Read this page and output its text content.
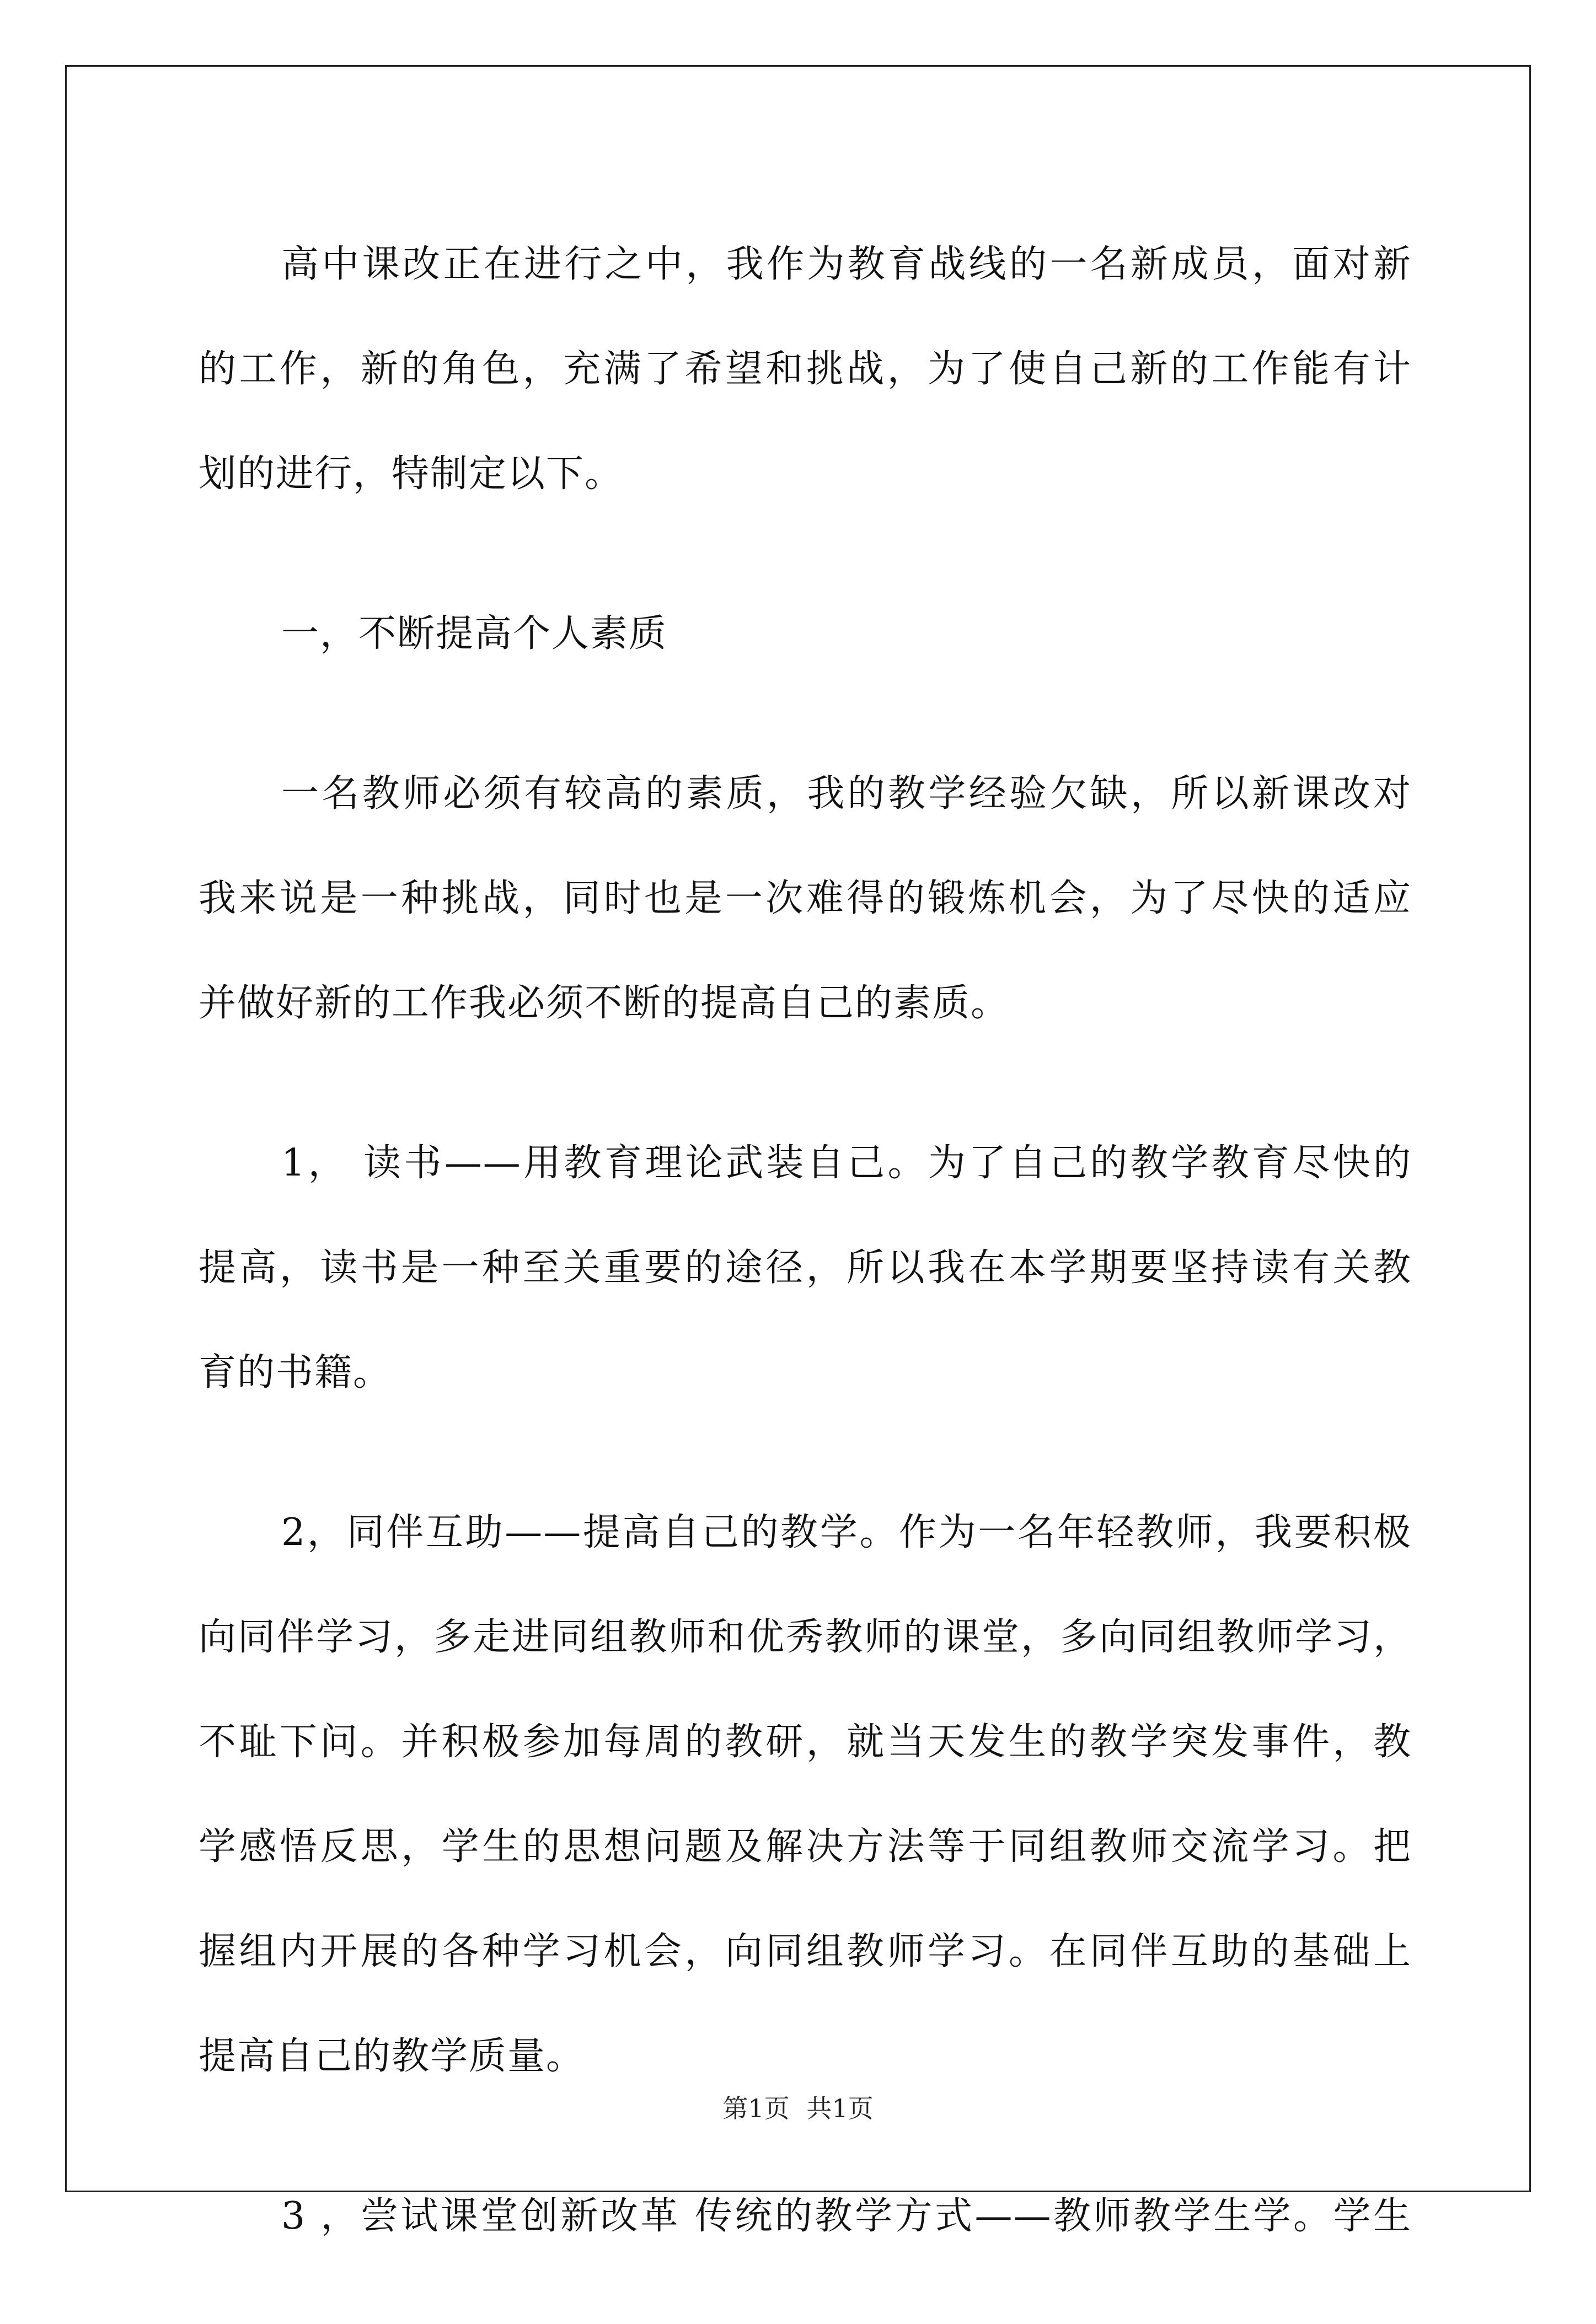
高中课改正在进行之中，我作为教育战线的一名新成员，面对新
的工作，新的角色，充满了希望和挑战，为了使自己新的工作能有计
划的进行，特制定以下。

一，不断提高个人素质

一名教师必须有较高的素质，我的教学经验欠缺，所以新课改对
我来说是一种挑战，同时也是一次难得的锻炼机会，为了尽快的适应
并做好新的工作我必须不断的提高自己的素质。

1， 读书——用教育理论武装自己。为了自己的教学教育尽快的
提高，读书是一种至关重要的途径，所以我在本学期要坚持读有关教
育的书籍。

2，同伴互助——提高自己的教学。作为一名年轻教师，我要积极
向同伴学习，多走进同组教师和优秀教师的课堂，多向同组教师学习，
不耻下问。并积极参加每周的教研，就当天发生的教学突发事件，教
学感悟反思，学生的思想问题及解决方法等于同组教师交流学习。把
握组内开展的各种学习机会，向同组教师学习。在同伴互助的基础上
提高自己的教学质量。

3 ，尝试课堂创新改革 传统的教学方式——教师教学生学。学生

第1页 共1页
